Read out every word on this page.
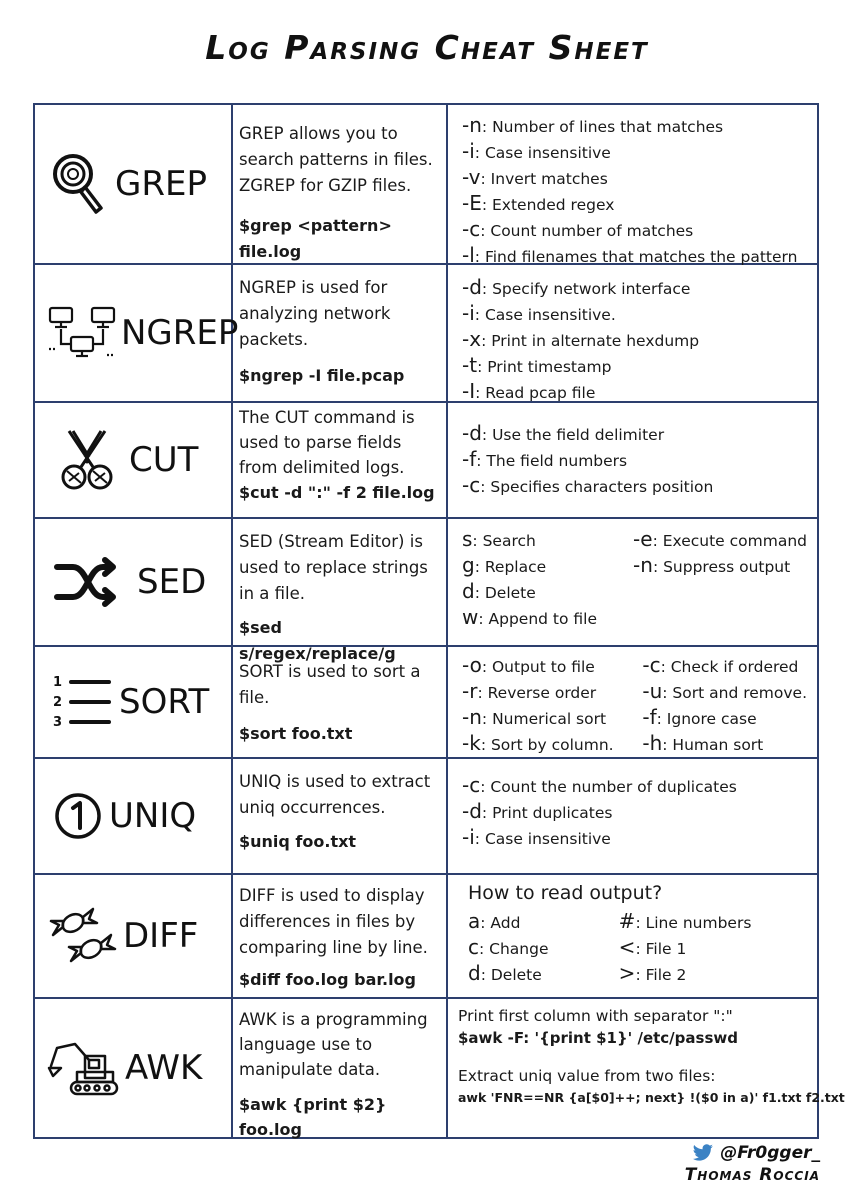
Log Parsing Cheat Sheet
GREP

GREP allows you to search patterns in files. ZGREP for GZIP files.

$grep <pattern> file.log
-n: Number of lines that matches
-i: Case insensitive
-v: Invert matches
-E: Extended regex
-c: Count number of matches
-l: Find filenames that matches the pattern
NGREP

NGREP is used for analyzing network packets.

$ngrep -I file.pcap
-d: Specify network interface
-i: Case insensitive.
-x: Print in alternate hexdump
-t: Print timestamp
-I: Read pcap file
CUT

The CUT command is used to parse fields from delimited logs.

$cut -d ":" -f 2 file.log
-d: Use the field delimiter
-f: The field numbers
-c: Specifies characters position
SED

SED (Stream Editor) is used to replace strings in a file.

$sed s/regex/replace/g
s: Search
g: Replace
d: Delete
w: Append to file
-e: Execute command
-n: Suppress output
1
2
3
SORT

SORT is used to sort a file.

$sort foo.txt
-o: Output to file
-r: Reverse order
-n: Numerical sort
-k: Sort by column.
-c: Check if ordered
-u: Sort and remove.
-f: Ignore case
-h: Human sort
UNIQ

UNIQ is used to extract uniq occurrences.

$uniq foo.txt
-c: Count the number of duplicates
-d: Print duplicates
-i: Case insensitive
DIFF

DIFF is used to display differences in files by comparing line by line.

$diff foo.log bar.log
How to read output?
a: Add
c: Change
d: Delete
#: Line numbers
<: File 1
>: File 2
AWK

AWK is a programming language use to manipulate data.

$awk {print $2} foo.log
Print first column with separator ":"
$awk -F: '{print $1}' /etc/passwd
Extract uniq value from two files:
awk 'FNR==NR {a[$0]++; next} !($0 in a)' f1.txt f2.txt
@Fr0gger_
Thomas Roccia
